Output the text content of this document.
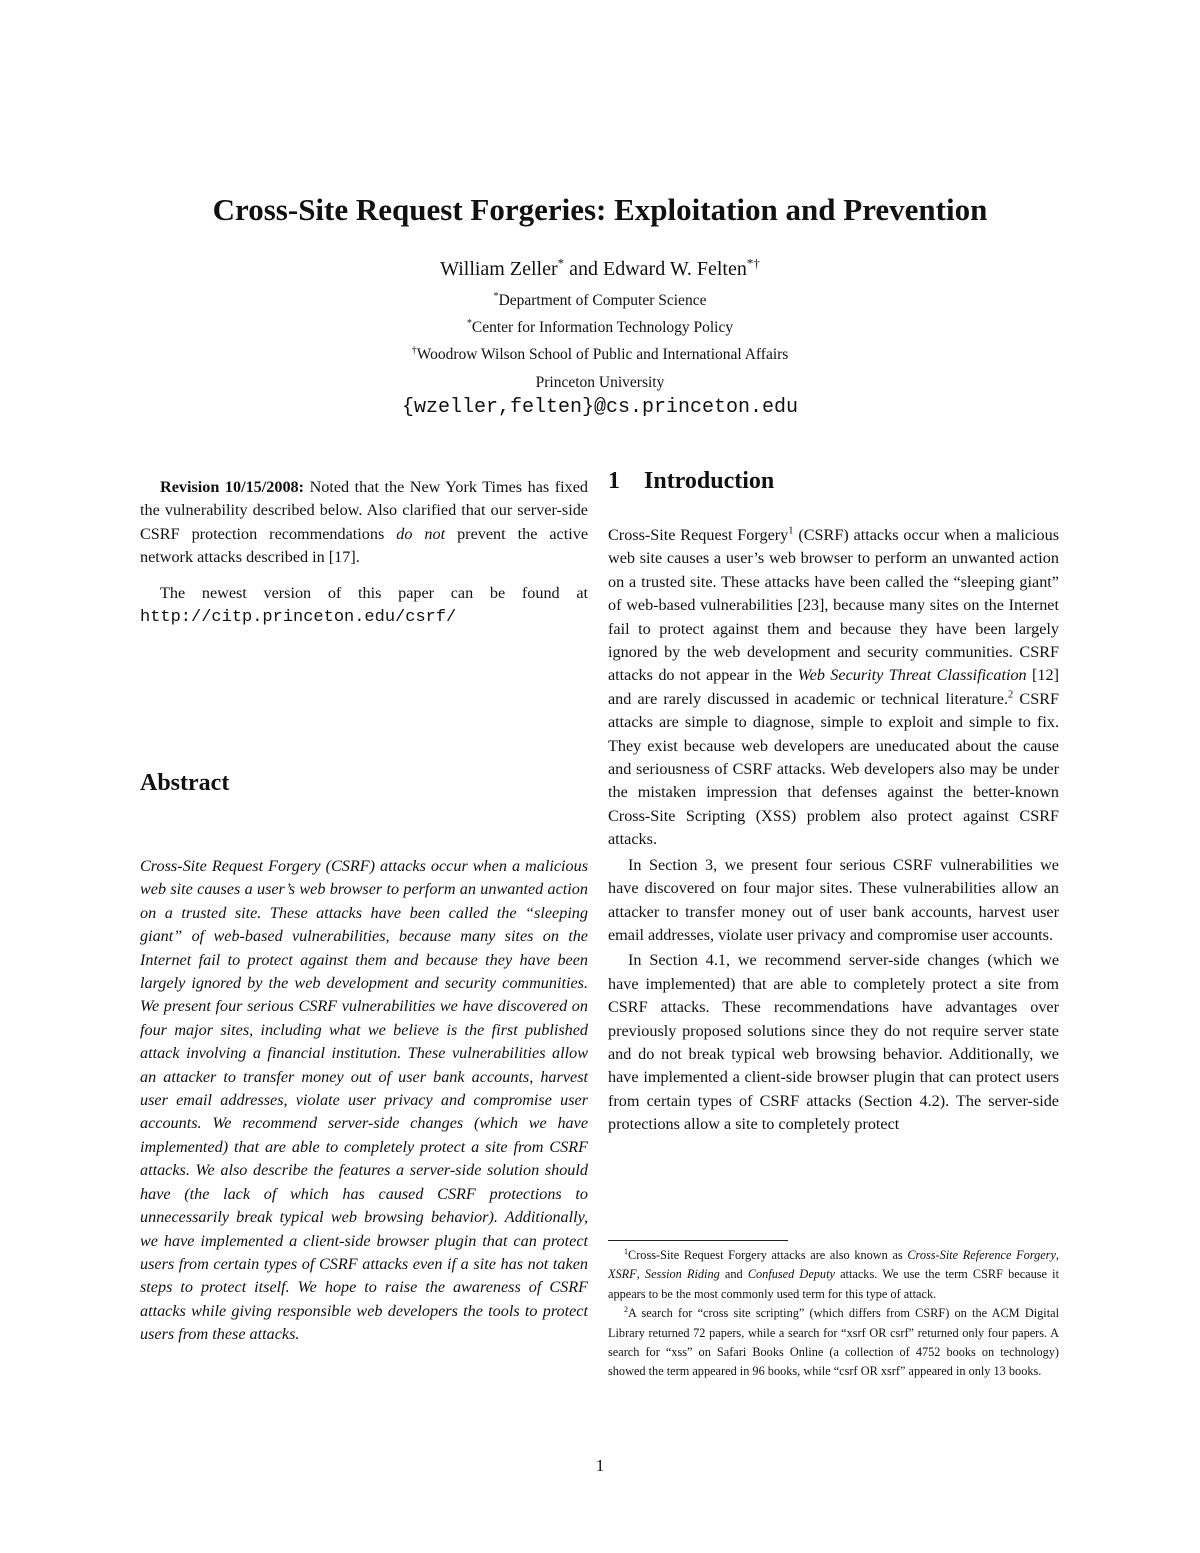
Cross-Site Request Forgeries: Exploitation and Prevention
William Zeller* and Edward W. Felten*†
*Department of Computer Science
*Center for Information Technology Policy
†Woodrow Wilson School of Public and International Affairs
Princeton University
{wzeller,felten}@cs.princeton.edu

Revision 10/15/2008: Noted that the New York Times has fixed the vulnerability described below. Also clarified that our server-side CSRF protection recommendations do not prevent the active network attacks described in [17].

The newest version of this paper can be found at http://citp.princeton.edu/csrf/

Abstract

Cross-Site Request Forgery (CSRF) attacks occur when a malicious web site causes a user’s web browser to perform an unwanted action on a trusted site. These attacks have been called the “sleeping giant” of web-based vulnerabilities, because many sites on the Internet fail to protect against them and because they have been largely ignored by the web development and security communities. We present four serious CSRF vulnerabilities we have discovered on four major sites, including what we believe is the first published attack involving a financial institution. These vulnerabilities allow an attacker to transfer money out of user bank accounts, harvest user email addresses, violate user privacy and compromise user accounts. We recommend server-side changes (which we have implemented) that are able to completely protect a site from CSRF attacks. We also describe the features a server-side solution should have (the lack of which has caused CSRF protections to unnecessarily break typical web browsing behavior). Additionally, we have implemented a client-side browser plugin that can protect users from certain types of CSRF attacks even if a site has not taken steps to protect itself. We hope to raise the awareness of CSRF attacks while giving responsible web developers the tools to protect users from these attacks.

1 Introduction

Cross-Site Request Forgery$^1$ (CSRF) attacks occur when a malicious web site causes a user’s web browser to perform an unwanted action on a trusted site. These attacks have been called the “sleeping giant” of web-based vulnerabilities [23], because many sites on the Internet fail to protect against them and because they have been largely ignored by the web development and security communities. CSRF attacks do not appear in the Web Security Threat Classification [12] and are rarely discussed in academic or technical literature.$^2$ CSRF attacks are simple to diagnose, simple to exploit and simple to fix. They exist because web developers are uneducated about the cause and seriousness of CSRF attacks. Web developers also may be under the mistaken impression that defenses against the better-known Cross-Site Scripting (XSS) problem also protect against CSRF attacks.

In Section 3, we present four serious CSRF vulnerabilities we have discovered on four major sites. These vulnerabilities allow an attacker to transfer money out of user bank accounts, harvest user email addresses, violate user privacy and compromise user accounts.

In Section 4.1, we recommend server-side changes (which we have implemented) that are able to completely protect a site from CSRF attacks. These recommendations have advantages over previously proposed solutions since they do not require server state and do not break typical web browsing behavior. Additionally, we have implemented a client-side browser plugin that can protect users from certain types of CSRF attacks (Section 4.2). The server-side protections allow a site to completely protect

$^1$Cross-Site Request Forgery attacks are also known as Cross-Site Reference Forgery, XSRF, Session Riding and Confused Deputy attacks. We use the term CSRF because it appears to be the most commonly used term for this type of attack.

$^2$A search for “cross site scripting” (which differs from CSRF) on the ACM Digital Library returned 72 papers, while a search for “xsrf OR csrf” returned only four papers. A search for “xss” on Safari Books Online (a collection of 4752 books on technology) showed the term appeared in 96 books, while “csrf OR xsrf” appeared in only 13 books.

1
